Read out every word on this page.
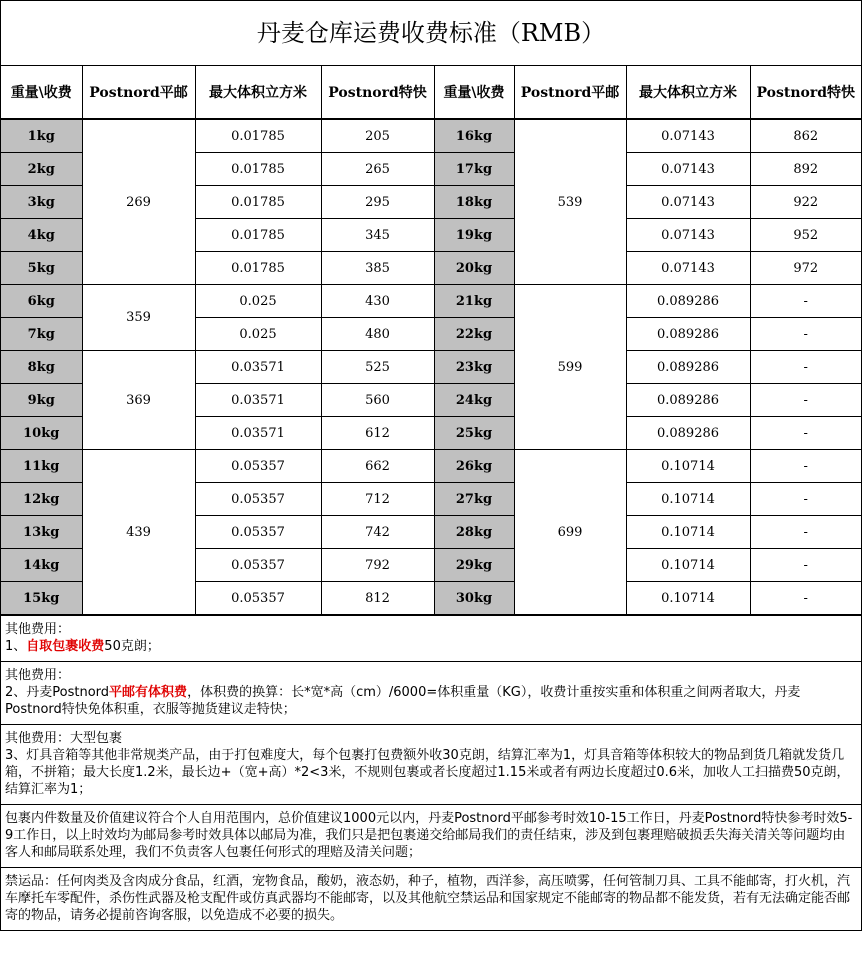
丹麦仓库运费收费标准（RMB）
重量\收费	Postnord平邮	最大体积立方米	Postnord特快	重量\收费	Postnord平邮	最大体积立方米	Postnord特快
1kg	269	0.01785	205	16kg	539	0.07143	862
2kg		0.01785	265	17kg		0.07143	892
3kg		0.01785	295	18kg		0.07143	922
4kg		0.01785	345	19kg		0.07143	952
5kg		0.01785	385	20kg		0.07143	972
6kg	359	0.025	430	21kg	599	0.089286	-
7kg		0.025	480	22kg		0.089286	-
8kg	369	0.03571	525	23kg		0.089286	-
9kg		0.03571	560	24kg		0.089286	-
10kg		0.03571	612	25kg		0.089286	-
11kg	439	0.05357	662	26kg	699	0.10714	-
12kg		0.05357	712	27kg		0.10714	-
13kg		0.05357	742	28kg		0.10714	-
14kg		0.05357	792	29kg		0.10714	-
15kg		0.05357	812	30kg		0.10714	-
其他费用：
1、自取包裹收费50克朗；
其他费用：
2、丹麦Postnord平邮有体积费，体积费的换算：长*宽*高（cm）/6000=体积重量（KG），收费计重按实重和体积重之间两者取大，丹麦Postnord特快免体积重，衣服等抛货建议走特快；
其他费用：大型包裹
3、灯具音箱等其他非常规类产品，由于打包难度大，每个包裹打包费额外收30克朗，结算汇率为1，灯具音箱等体积较大的物品到货几箱就发货几箱，不拼箱；最大长度1.2米，最长边+（宽+高）*2<3米，不规则包裹或者长度超过1.15米或者有两边长度超过0.6米，加收人工扫描费50克朗，结算汇率为1；
包裹内件数量及价值建议符合个人自用范围内，总价值建议1000元以内，丹麦Postnord平邮参考时效10-15工作日，丹麦Postnord特快参考时效5-9工作日，以上时效均为邮局参考时效具体以邮局为准，我们只是把包裹递交给邮局我们的责任结束，涉及到包裹理赔破损丢失海关清关等问题均由客人和邮局联系处理，我们不负责客人包裹任何形式的理赔及清关问题；
禁运品：任何肉类及含肉成分食品，红酒，宠物食品，酸奶，液态奶，种子，植物，西洋参，高压喷雾，任何管制刀具、工具不能邮寄，打火机，汽车摩托车零配件，杀伤性武器及枪支配件或仿真武器均不能邮寄，以及其他航空禁运品和国家规定不能邮寄的物品都不能发货，若有无法确定能否邮寄的物品，请务必提前咨询客服，以免造成不必要的损失。
